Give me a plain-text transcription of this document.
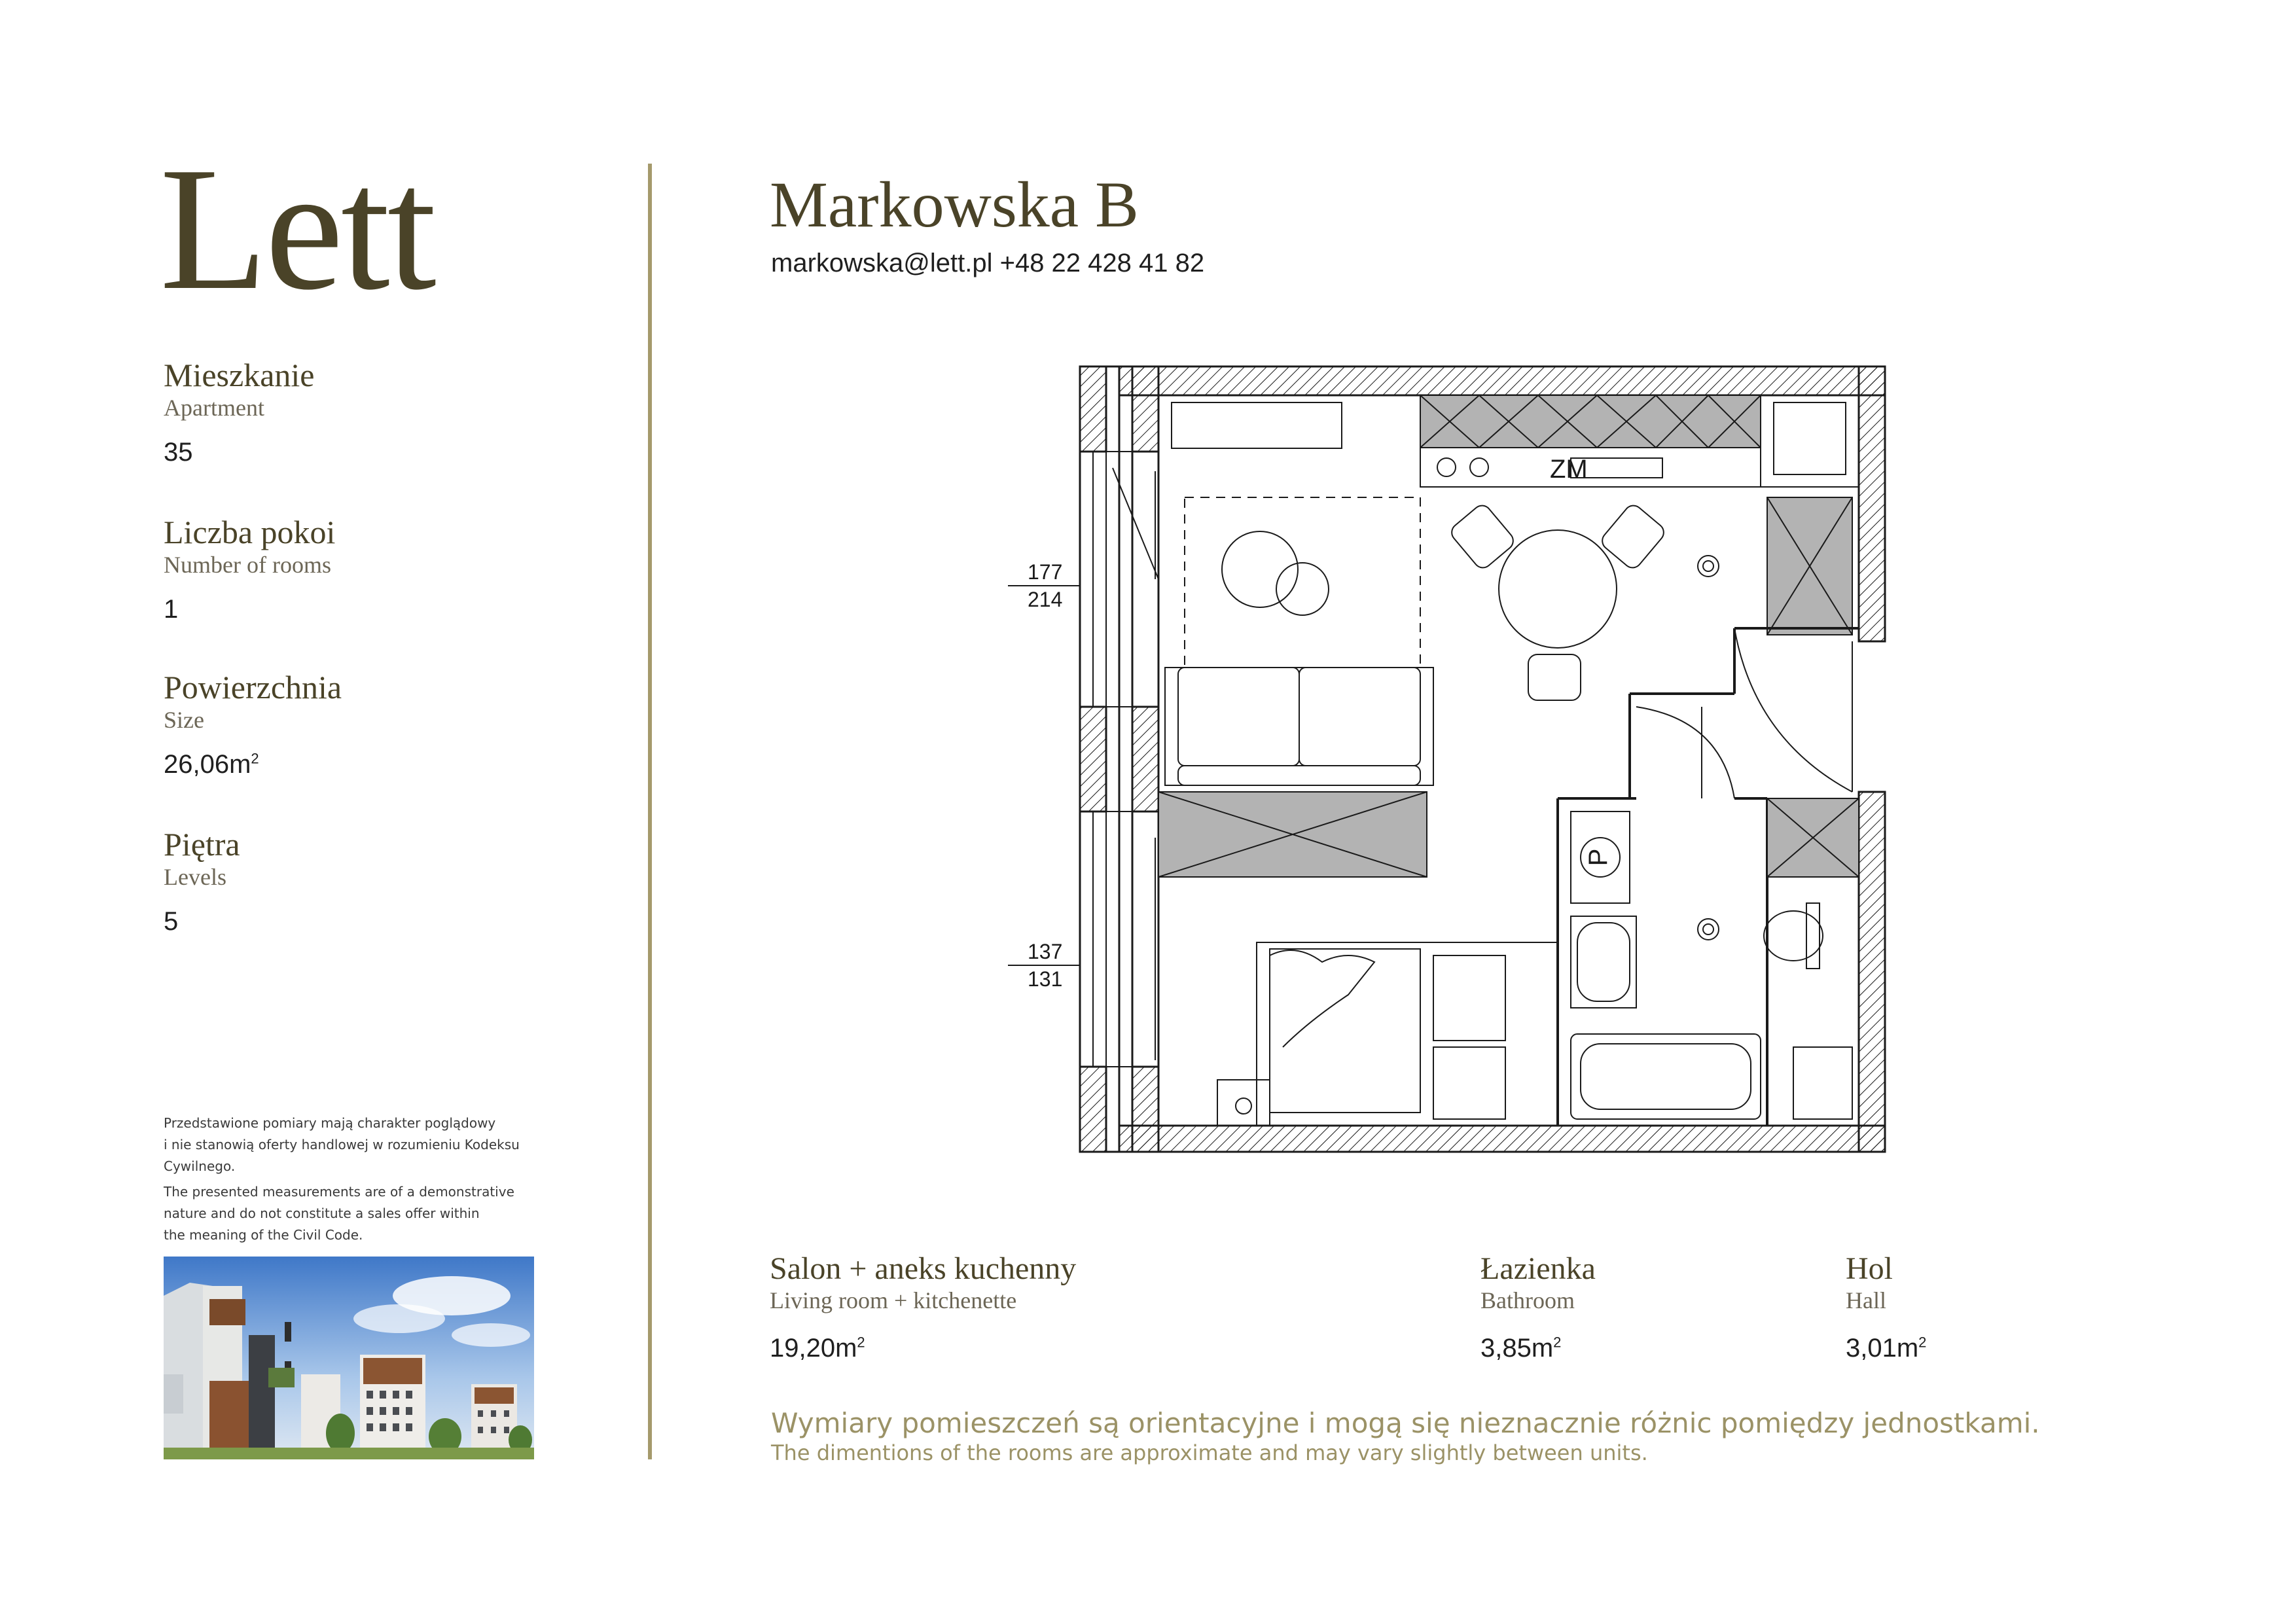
Lett
Mieszkanie
Apartment
35
Liczba pokoi
Number of rooms
1
Powierzchnia
Size
$26,06m^2$
Piętra
Levels
5
Przedstawione pomiary mają charakter poglądowy
i nie stanowią oferty handlowej w rozumieniu Kodeksu
Cywilnego.
The presented measurements are of a demonstrative
nature and do not constitute a sales offer within
the meaning of the Civil Code.
Markowska B
markowska@lett.pl +48 22 428 41 82
177
214
137
131
ZM
P
Salon + aneks kuchenny
Living room + kitchenette
$19,20m^2$
Łazienka
Bathroom
$3,85m^2$
Hol
Hall
$3,01m^2$
Wymiary pomieszczeń są orientacyjne i mogą się nieznacznie różnic pomiędzy jednostkami.
The dimentions of the rooms are approximate and may vary slightly between units.
